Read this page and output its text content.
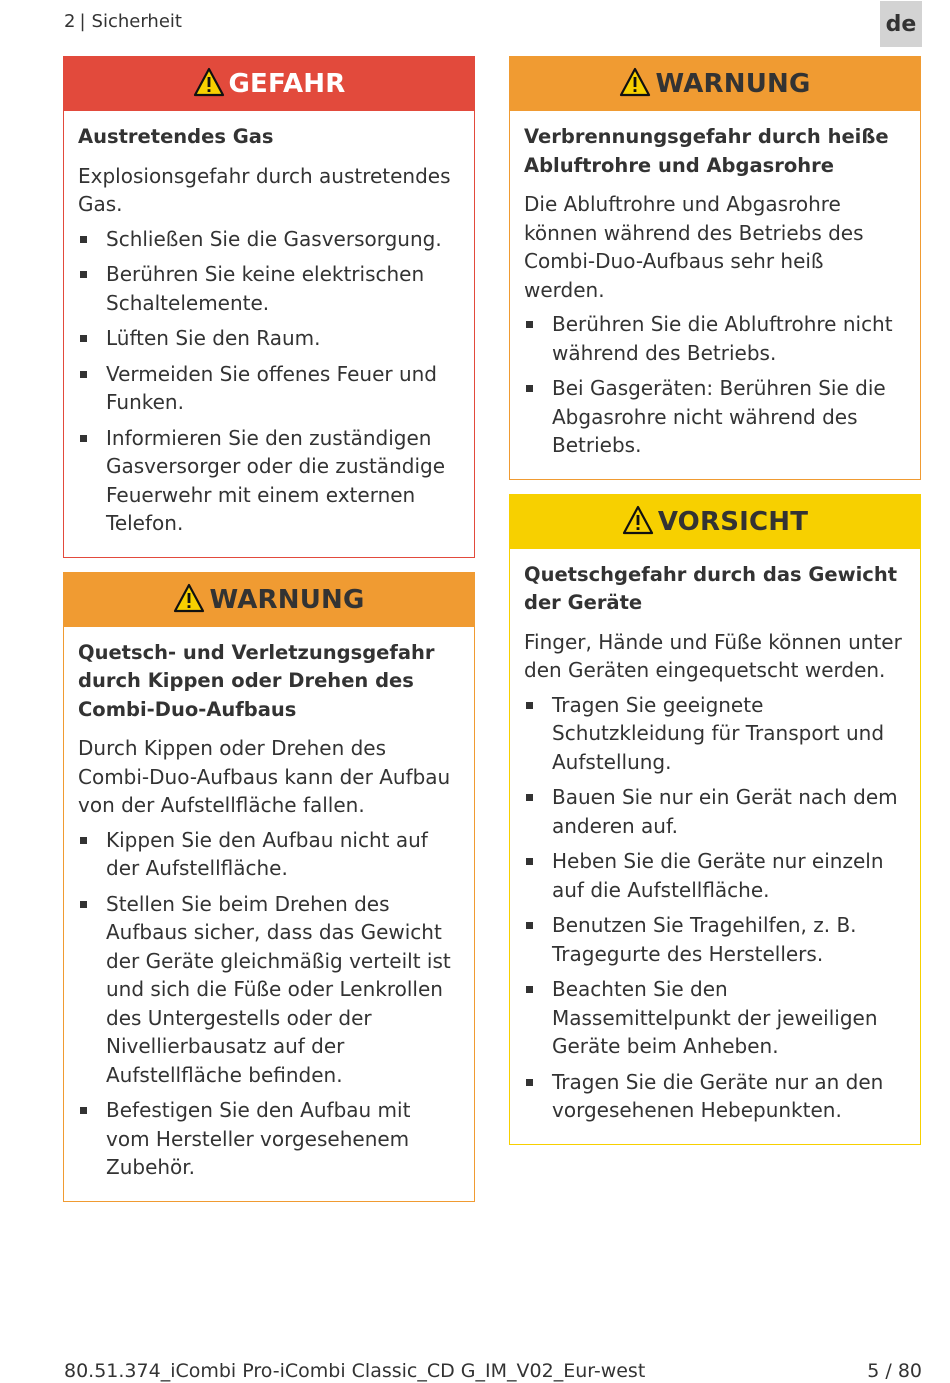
2 | Sicherheit	de
GEFAHR
Austretendes Gas
Explosionsgefahr durch austretendes Gas.
Schließen Sie die Gasversorgung.
Berühren Sie keine elektrischen Schaltelemente.
Lüften Sie den Raum.
Vermeiden Sie offenes Feuer und Funken.
Informieren Sie den zuständigen Gasversorger oder die zuständige Feuerwehr mit einem externen Telefon.
WARNUNG
Quetsch- und Verletzungsgefahr durch Kippen oder Drehen des Combi-Duo-Aufbaus
Durch Kippen oder Drehen des Combi-Duo-Aufbaus kann der Aufbau von der Aufstellfläche fallen.
Kippen Sie den Aufbau nicht auf der Aufstellfläche.
Stellen Sie beim Drehen des Aufbaus sicher, dass das Gewicht der Geräte gleichmäßig verteilt ist und sich die Füße oder Lenkrollen des Untergestells oder der Nivellierbausatz auf der Aufstellfläche befinden.
Befestigen Sie den Aufbau mit vom Hersteller vorgesehenem Zubehör.
WARNUNG
Verbrennungsgefahr durch heiße Abluftrohre und Abgasrohre
Die Abluftrohre und Abgasrohre können während des Betriebs des Combi-Duo-Aufbaus sehr heiß werden.
Berühren Sie die Abluftrohre nicht während des Betriebs.
Bei Gasgeräten: Berühren Sie die Abgasrohre nicht während des Betriebs.
VORSICHT
Quetschgefahr durch das Gewicht der Geräte
Finger, Hände und Füße können unter den Geräten eingequetscht werden.
Tragen Sie geeignete Schutzkleidung für Transport und Aufstellung.
Bauen Sie nur ein Gerät nach dem anderen auf.
Heben Sie die Geräte nur einzeln auf die Aufstellfläche.
Benutzen Sie Tragehilfen, z. B. Tragegurte des Herstellers.
Beachten Sie den Massemittelpunkt der jeweiligen Geräte beim Anheben.
Tragen Sie die Geräte nur an den vorgesehenen Hebepunkten.
80.51.374_iCombi Pro-iCombi Classic_CD G_IM_V02_Eur-west	5 / 80
